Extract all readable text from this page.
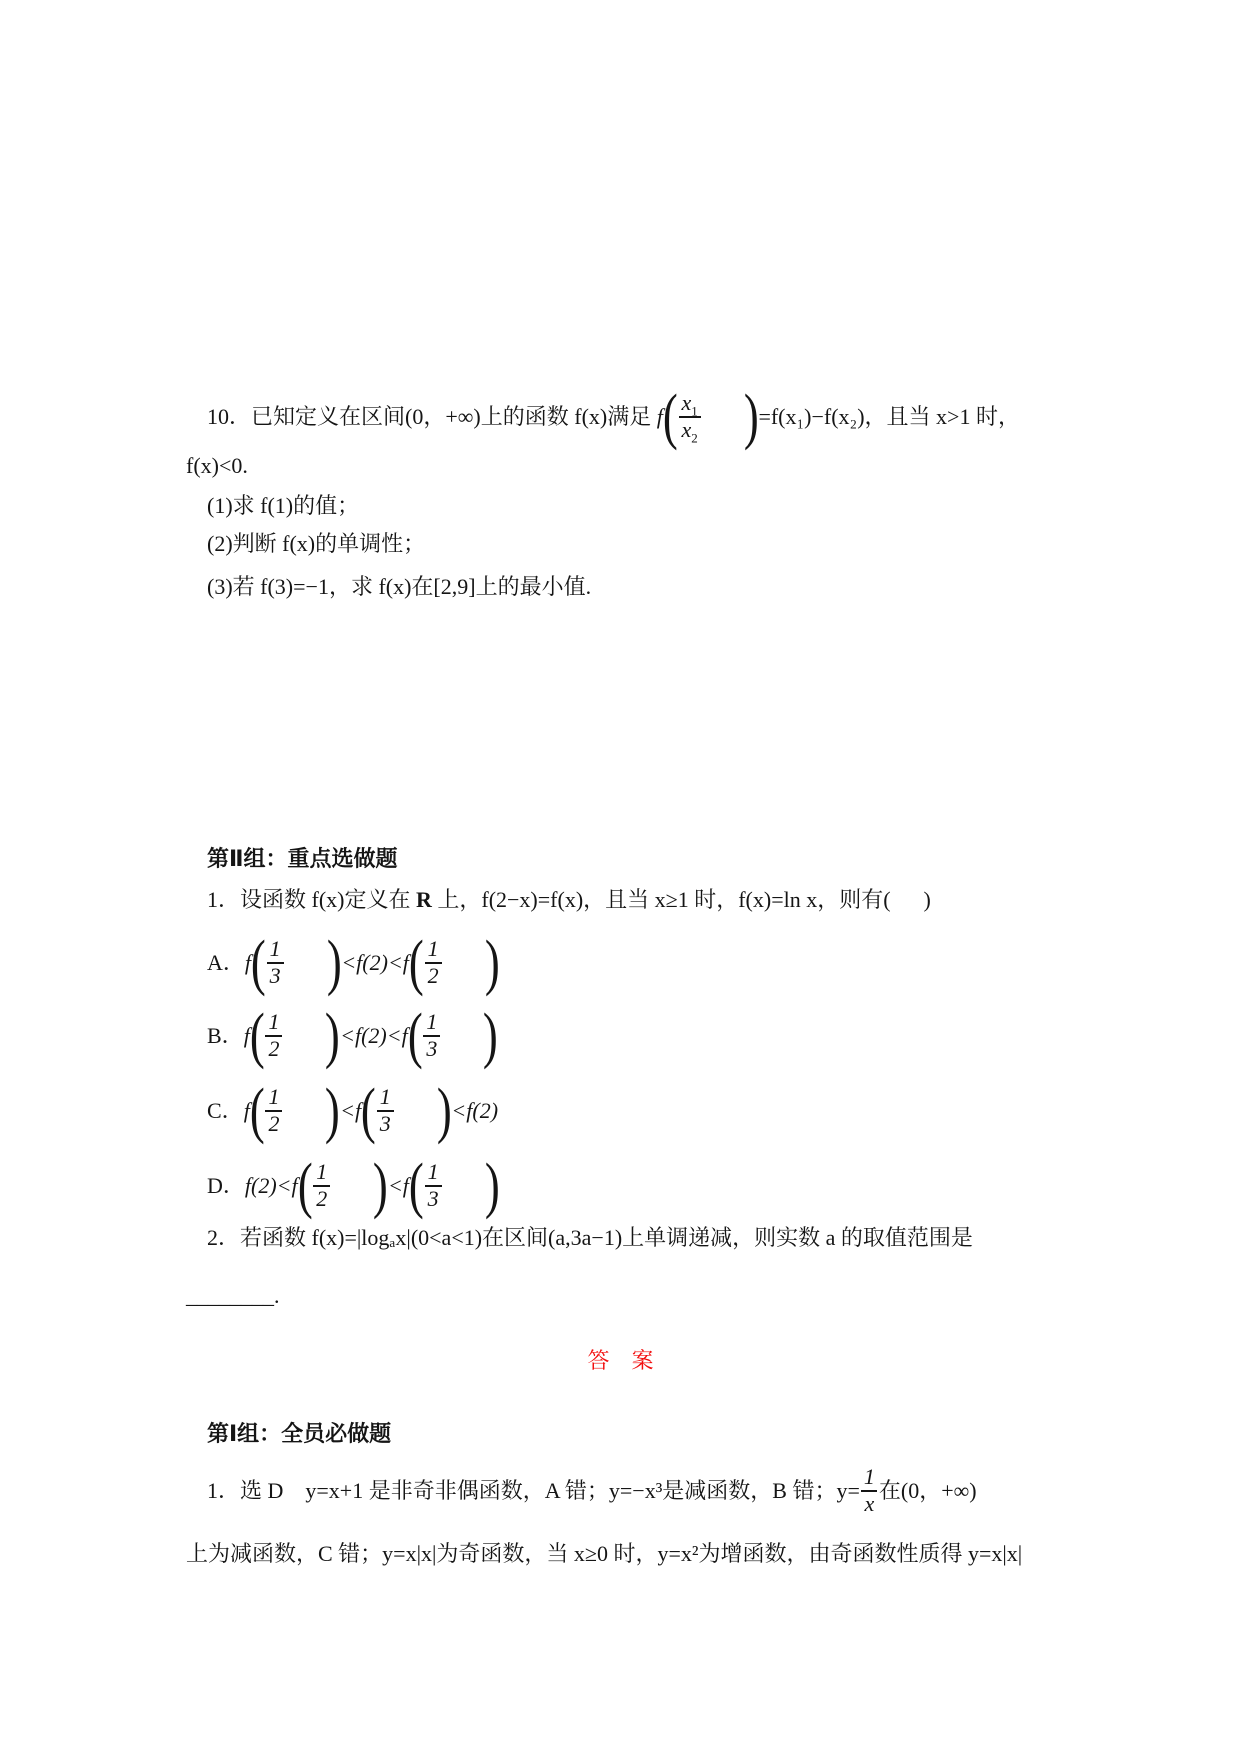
10．已知定义在区间(0，+∞)上的函数 f(x)满足 f ( $\frac{x_1}{x_2}$ ) =f(x₁)−f(x₂)，且当 x>1 时，
f(x)<0.
(1)求 f(1)的值；
(2)判断 f(x)的单调性；
(3)若 f(3)=−1，求 f(x)在[2,9]上的最小值.
第Ⅱ组：重点选做题
1．设函数 f(x)定义在 R 上，f(2−x)=f(x)，且当 x≥1 时，f(x)=ln x，则有(      )
A． f ( $\frac{1}{3}$ ) <f(2)<f ( $\frac{1}{2}$ )
B． f ( $\frac{1}{2}$ ) <f(2)<f ( $\frac{1}{3}$ )
C． f ( $\frac{1}{2}$ ) <f ( $\frac{1}{3}$ ) <f(2)
D． f(2)<f ( $\frac{1}{2}$ ) <f ( $\frac{1}{3}$ )
2．若函数 f(x)=|logₐx|(0<a<1)在区间(a,3a−1)上单调递减，则实数 a 的取值范围是
________.
答　案
第Ⅰ组：全员必做题
1．选 D　y=x+1 是非奇非偶函数，A 错；y=−x³是减函数，B 错；$y= \frac{1}{x}$ 在(0，+∞)
上为减函数，C 错；y=x|x|为奇函数，当 x≥0 时，y=x²为增函数，由奇函数性质得 y=x|x|
